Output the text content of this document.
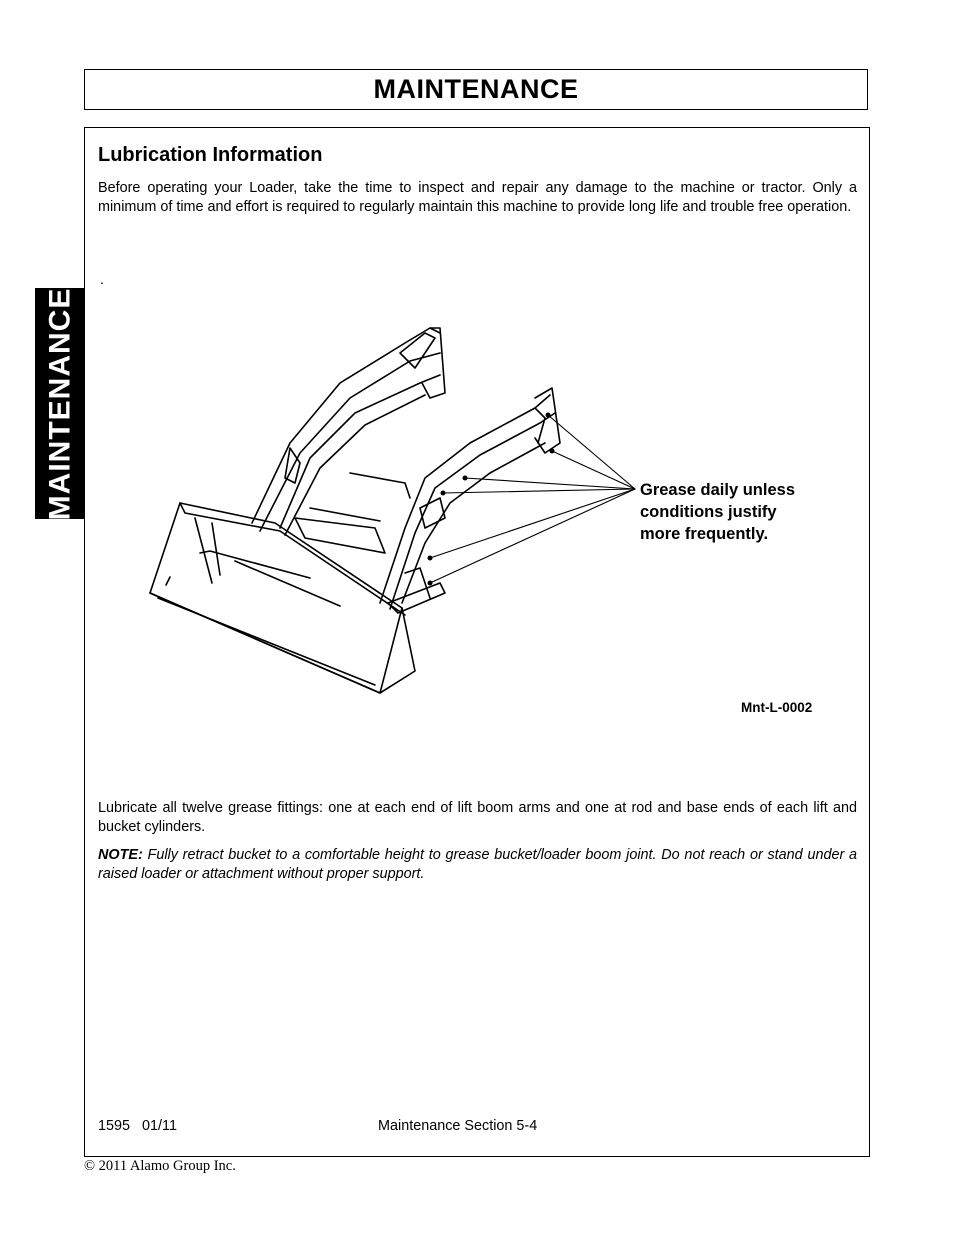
MAINTENANCE
MAINTENANCE
Lubrication Information

Before operating your Loader, take the time to inspect and repair any damage to the machine or tractor. Only a minimum of time and effort is required to regularly maintain this machine to provide long life and trouble free operation.

.
Grease daily unless
conditions justify
more frequently.
Mnt-L-0002

Lubricate all twelve grease fittings: one at each end of lift boom arms and one at rod and base ends of each lift and bucket cylinders.

NOTE: Fully retract bucket to a comfortable height to grease bucket/loader boom joint. Do not reach or stand under a raised loader or attachment without proper support.

1595   01/11	Maintenance Section 5-4
© 2011 Alamo Group Inc.
